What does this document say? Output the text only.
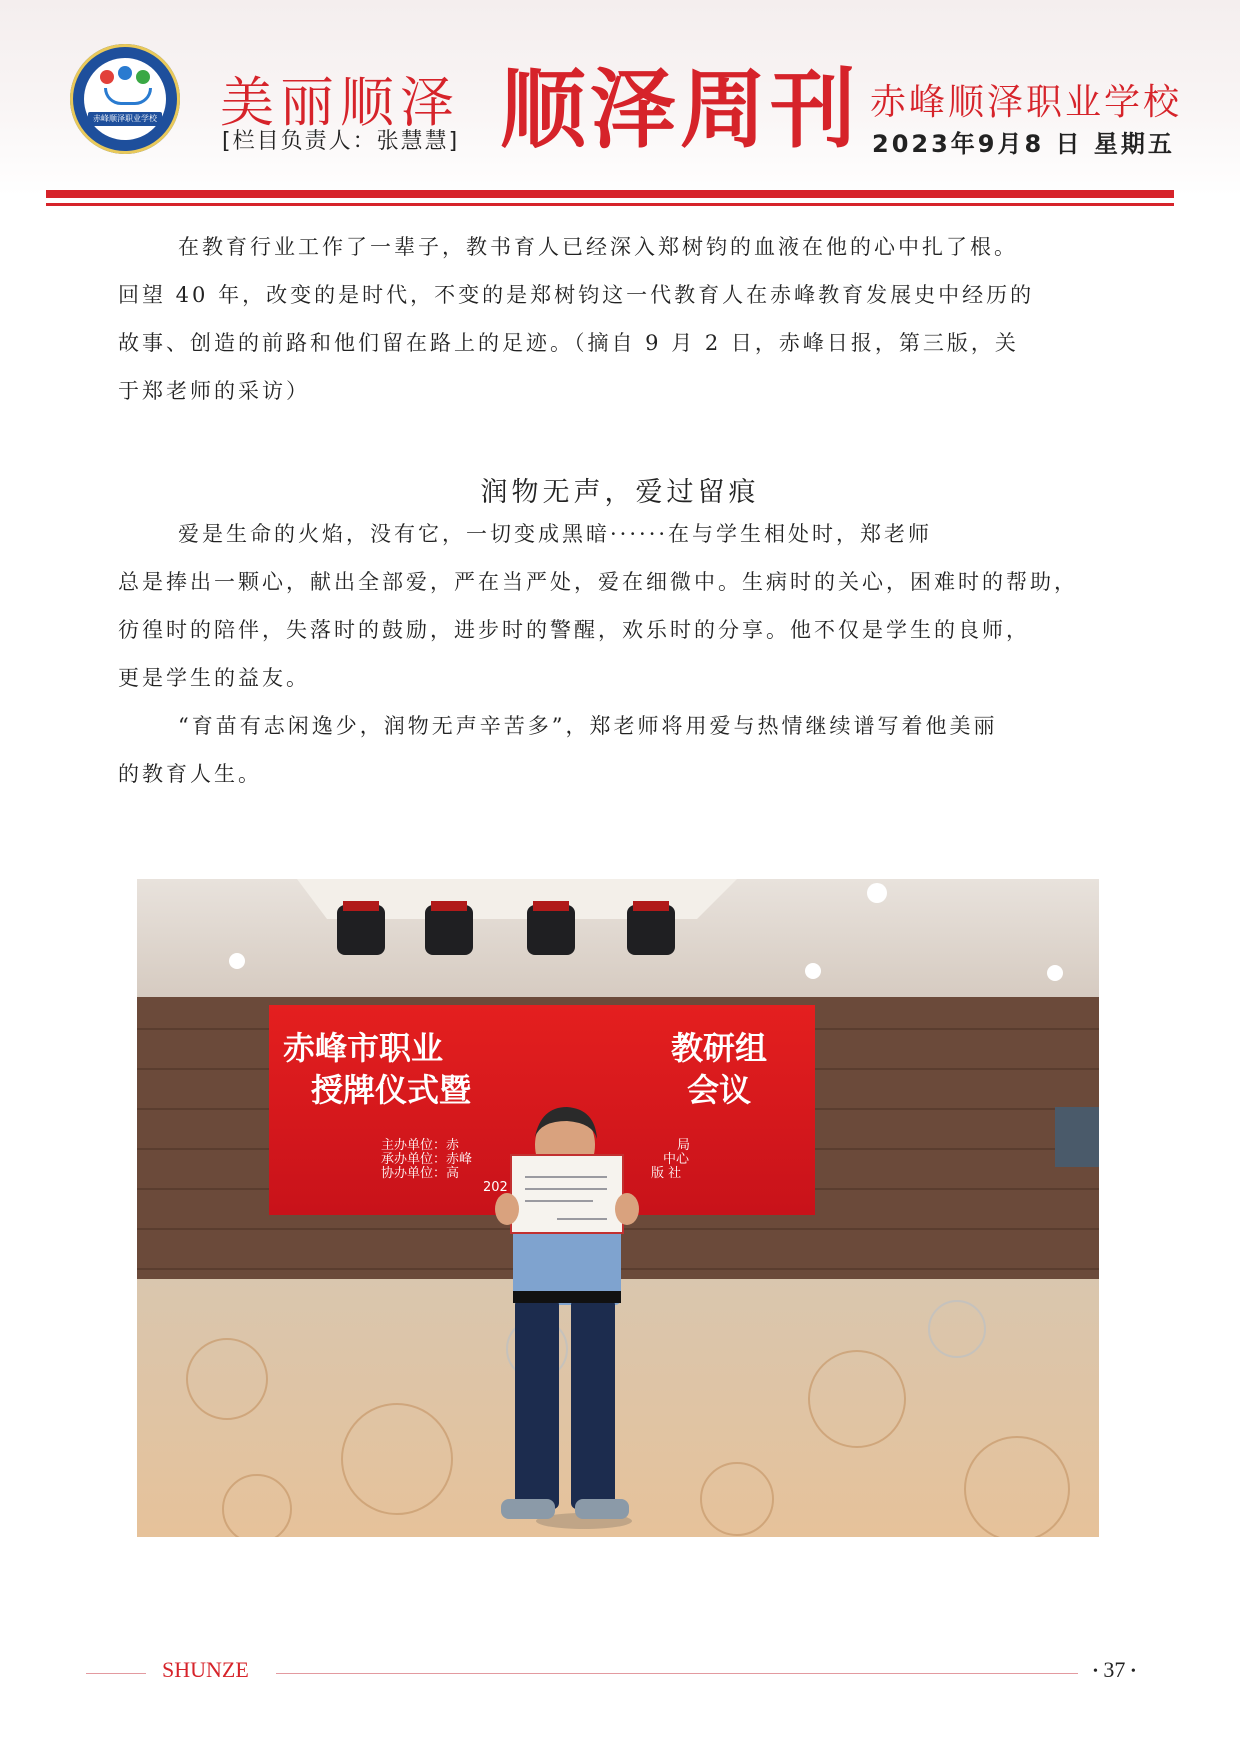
赤峰顺泽职业学校 美丽顺泽
[栏目负责人：张慧慧] 顺泽周刊 赤峰顺泽职业学校
2023年9月8 日 星期五
在教育行业工作了一辈子，教书育人已经深入郑树钧的血液在他的心中扎了根。
回望 40 年，改变的是时代，不变的是郑树钧这一代教育人在赤峰教育发展史中经历的
故事、创造的前路和他们留在路上的足迹。（摘自 9 月 2 日，赤峰日报，第三版，关
于郑老师的采访）
润物无声，爱过留痕
爱是生命的火焰，没有它，一切变成黑暗······在与学生相处时，郑老师
总是捧出一颗心，献出全部爱，严在当严处，爱在细微中。生病时的关心，困难时的帮助，
彷徨时的陪伴，失落时的鼓励，进步时的警醒，欢乐时的分享。他不仅是学生的良师，
更是学生的益友。
“育苗有志闲逸少，润物无声辛苦多”，郑老师将用爱与热情继续谱写着他美丽
的教育人生。
赤峰市职业	教研组
授牌仪式暨	会议
主办单位：赤
承办单位：赤峰
协办单位：高
局
中心
版 社
202
SHUNZE	• 37 •
